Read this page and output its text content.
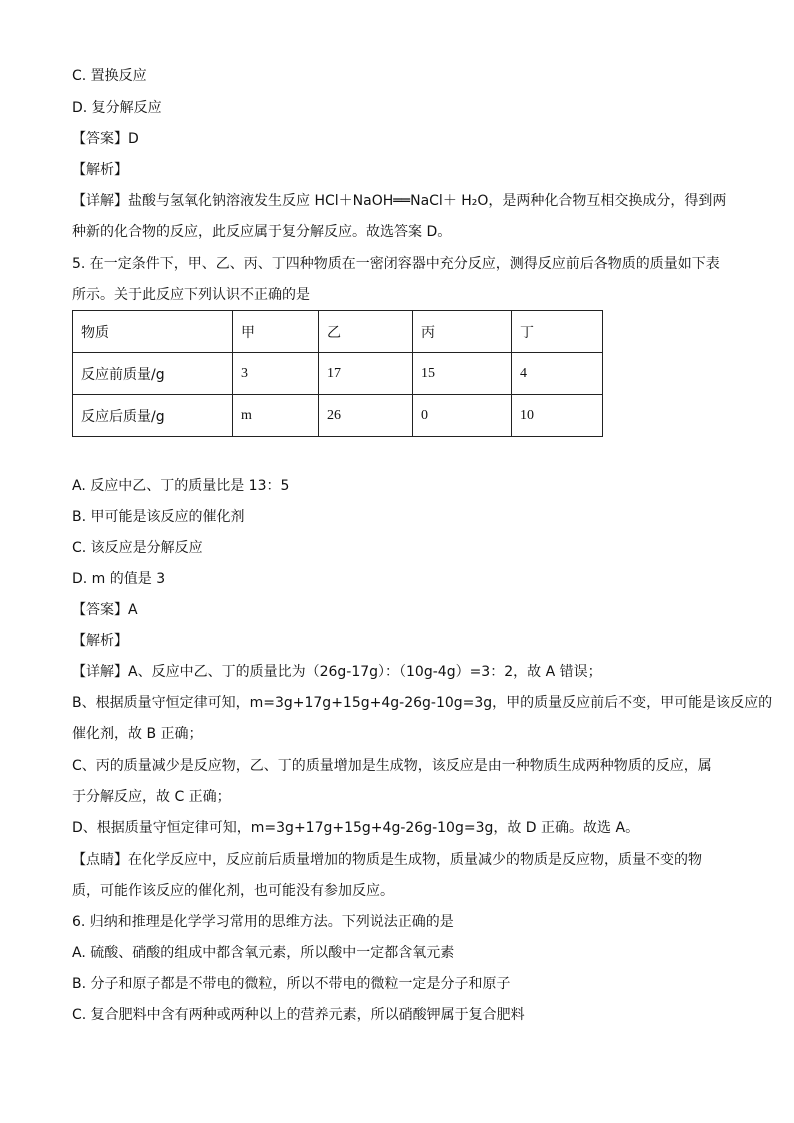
C. 置换反应
D. 复分解反应
【答案】D
【解析】
【详解】盐酸与氢氧化钠溶液发生反应 HCl＋NaOH══NaCl＋ H₂O，是两种化合物互相交换成分，得到两
种新的化合物的反应，此反应属于复分解反应。故选答案 D。
5. 在一定条件下，甲、乙、丙、丁四种物质在一密闭容器中充分反应，测得反应前后各物质的质量如下表
所示。关于此反应下列认识不正确的是
物质	甲	乙	丙	丁
反应前质量/g	3	17	15	4
反应后质量/g	m	26	0	10
A. 反应中乙、丁的质量比是 13：5
B. 甲可能是该反应的催化剂
C. 该反应是分解反应
D. m 的值是 3
【答案】A
【解析】
【详解】A、反应中乙、丁的质量比为（26g-17g）：（10g-4g）=3：2，故 A 错误；
B、根据质量守恒定律可知，m=3g+17g+15g+4g-26g-10g=3g，甲的质量反应前后不变，甲可能是该反应的
催化剂，故 B 正确；
C、丙的质量减少是反应物，乙、丁的质量增加是生成物，该反应是由一种物质生成两种物质的反应，属
于分解反应，故 C 正确；
D、根据质量守恒定律可知，m=3g+17g+15g+4g-26g-10g=3g，故 D 正确。故选 A。
【点睛】在化学反应中，反应前后质量增加的物质是生成物，质量减少的物质是反应物，质量不变的物
质，可能作该反应的催化剂，也可能没有参加反应。
6. 归纳和推理是化学学习常用的思维方法。下列说法正确的是
A. 硫酸、硝酸的组成中都含氧元素，所以酸中一定都含氧元素
B. 分子和原子都是不带电的微粒，所以不带电的微粒一定是分子和原子
C. 复合肥料中含有两种或两种以上的营养元素，所以硝酸钾属于复合肥料
